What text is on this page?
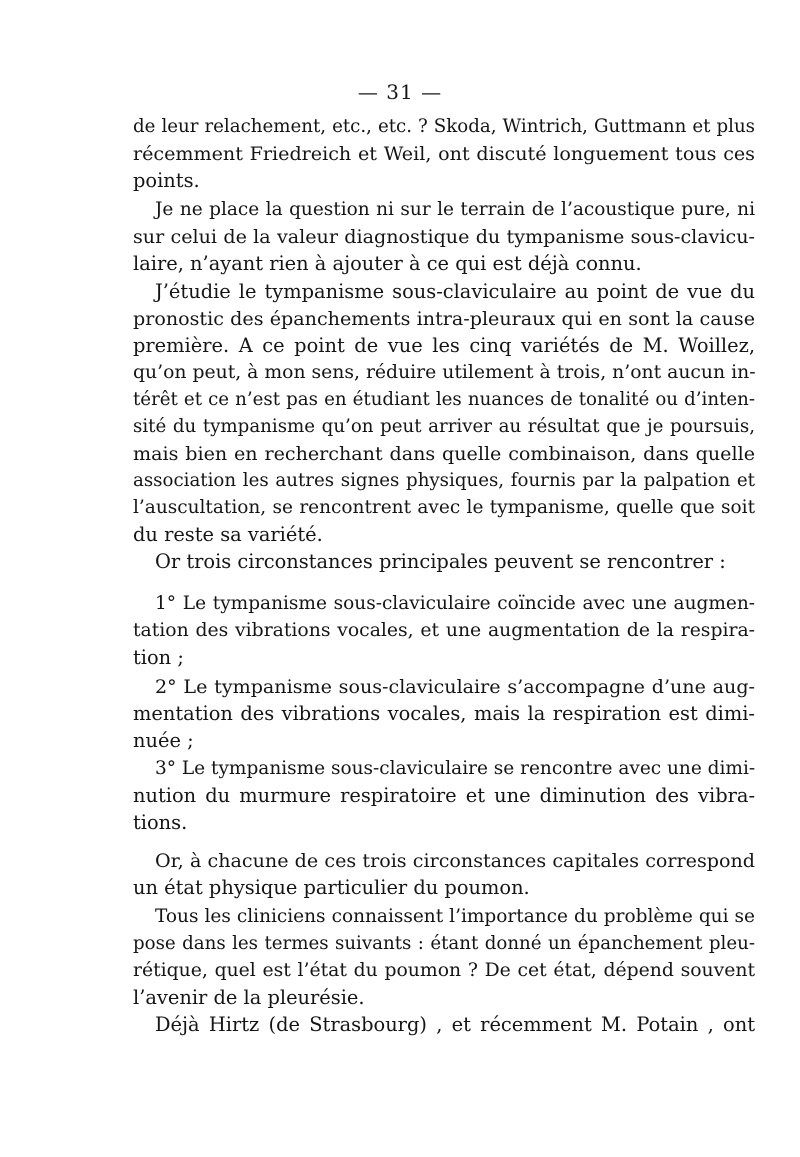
— 31 —
de leur relachement, etc., etc. ? Skoda, Wintrich, Guttmann et plus
récemment Friedreich et Weil, ont discuté longuement tous ces
points.
Je ne place la question ni sur le terrain de l’acoustique pure, ni
sur celui de la valeur diagnostique du tympanisme sous-clavicu-
laire, n’ayant rien à ajouter à ce qui est déjà connu.
J’étudie le tympanisme sous-claviculaire au point de vue du
pronostic des épanchements intra-pleuraux qui en sont la cause
première. A ce point de vue les cinq variétés de M. Woillez,
qu’on peut, à mon sens, réduire utilement à trois, n’ont aucun in-
térêt et ce n’est pas en étudiant les nuances de tonalité ou d’inten-
sité du tympanisme qu’on peut arriver au résultat que je poursuis,
mais bien en recherchant dans quelle combinaison, dans quelle
association les autres signes physiques, fournis par la palpation et
l’auscultation, se rencontrent avec le tympanisme, quelle que soit
du reste sa variété.
Or trois circonstances principales peuvent se rencontrer :
1° Le tympanisme sous-claviculaire coïncide avec une augmen-
tation des vibrations vocales, et une augmentation de la respira-
tion ;
2° Le tympanisme sous-claviculaire s’accompagne d’une aug-
mentation des vibrations vocales, mais la respiration est dimi-
nuée ;
3° Le tympanisme sous-claviculaire se rencontre avec une dimi-
nution du murmure respiratoire et une diminution des vibra-
tions.
Or, à chacune de ces trois circonstances capitales correspond
un état physique particulier du poumon.
Tous les cliniciens connaissent l’importance du problème qui se
pose dans les termes suivants : étant donné un épanchement pleu-
rétique, quel est l’état du poumon ? De cet état, dépend souvent
l’avenir de la pleurésie.
Déjà Hirtz (de Strasbourg) , et récemment M. Potain , ont
